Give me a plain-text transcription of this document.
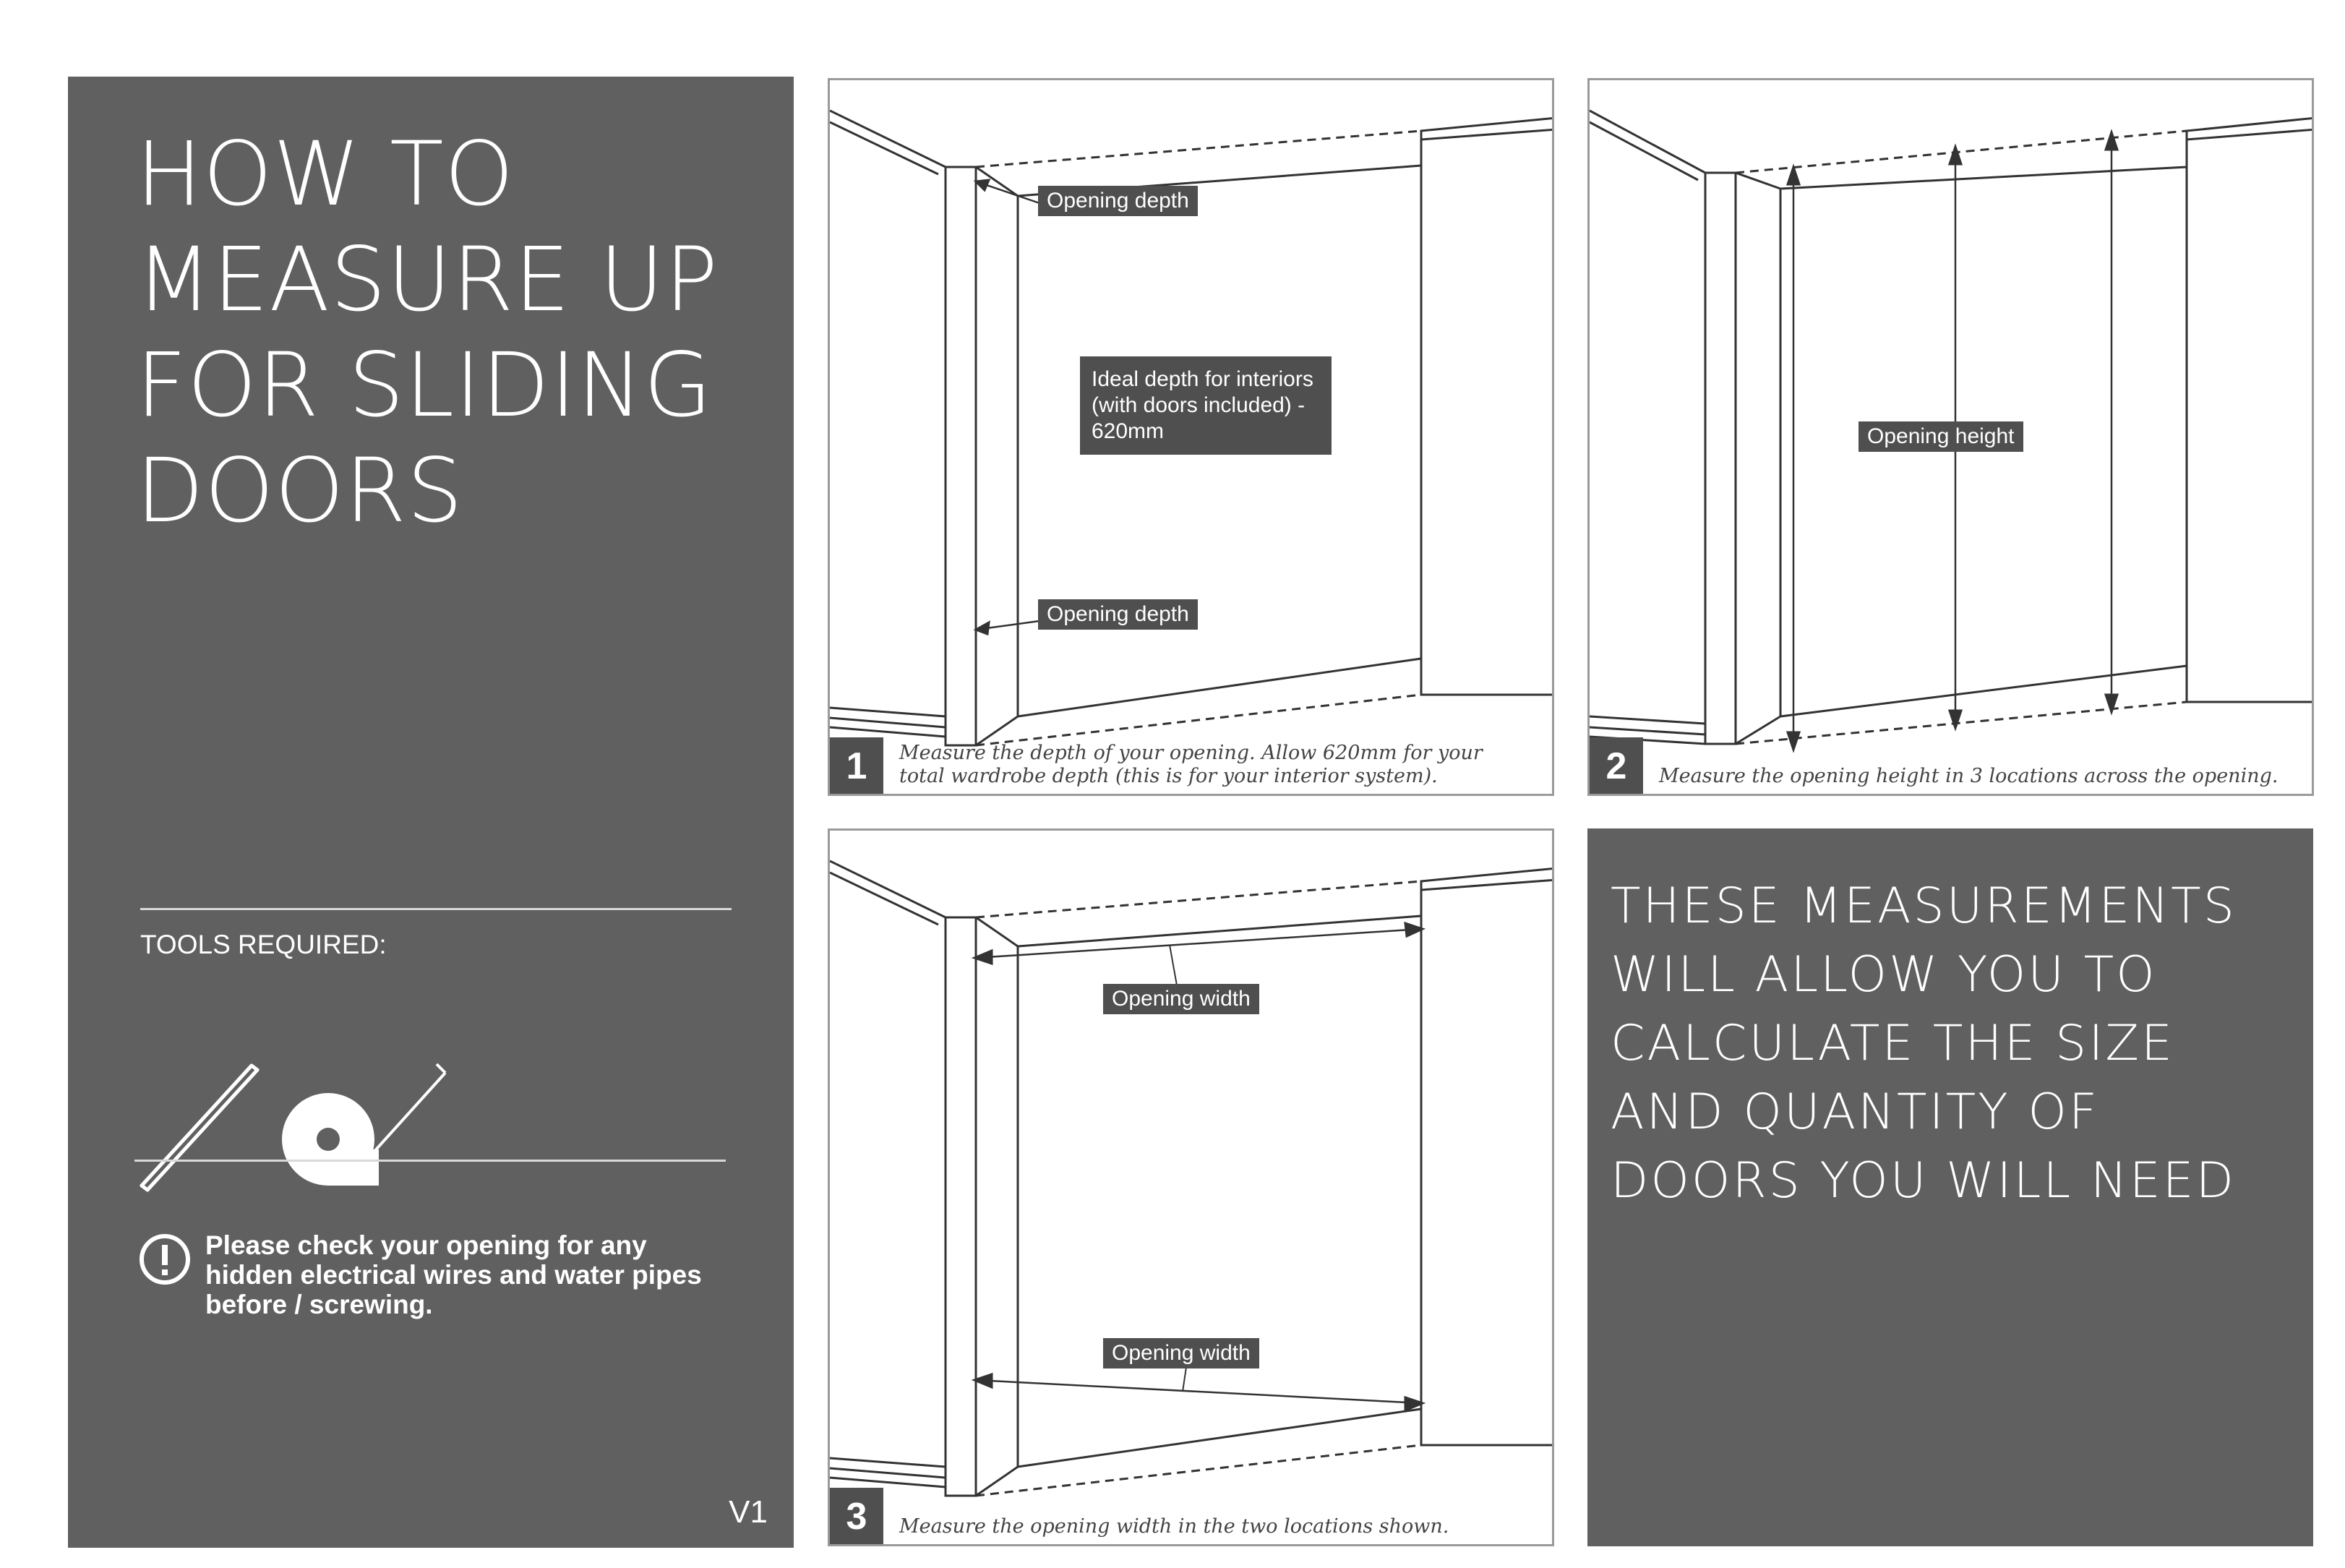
HOW TO
MEASURE UP
FOR SLIDING
DOORS
TOOLS REQUIRED:

Please check your opening for any hidden electrical wires and water pipes before / screwing.

V1
Opening depth
Ideal depth for interiors (with doors included) - 620mm
Opening depth
1	Measure the depth of your opening. Allow 620mm for your total wardrobe depth (this is for your interior system).

Opening height
2	Measure the opening height in 3 locations across the opening.

Opening width
Opening width
3	Measure the opening width in the two locations shown.

THESE MEASUREMENTS
WILL ALLOW YOU TO
CALCULATE THE SIZE
AND QUANTITY OF
DOORS YOU WILL NEED
